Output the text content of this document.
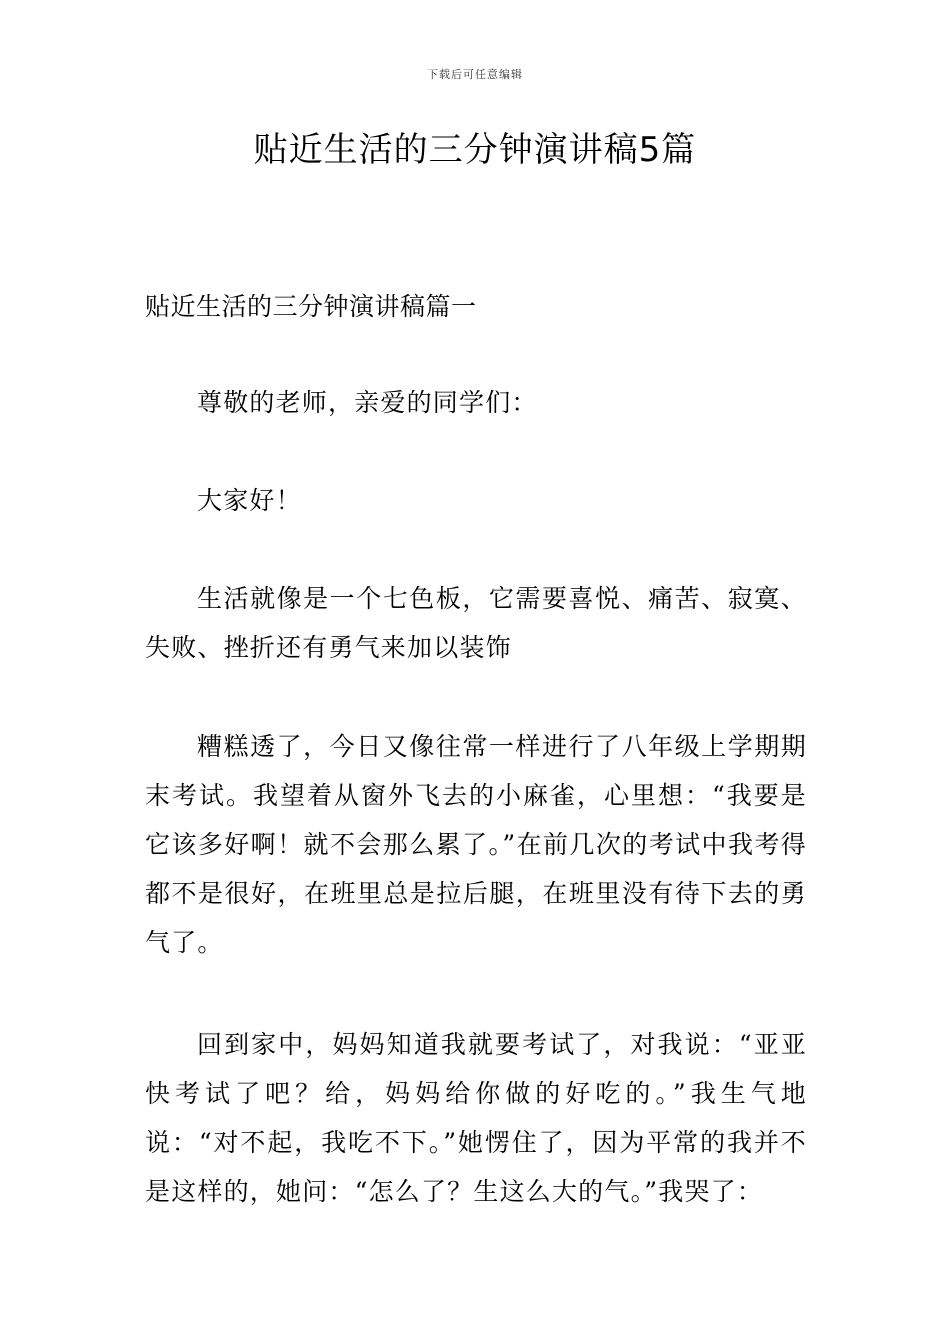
下载后可任意编辑
贴近生活的三分钟演讲稿5篇

贴近生活的三分钟演讲稿篇一

尊敬的老师，亲爱的同学们：

大家好！

生活就像是一个七色板，它需要喜悦、痛苦、寂寞、失败、挫折还有勇气来加以装饰

糟糕透了，今日又像往常一样进行了八年级上学期期末考试。我望着从窗外飞去的小麻雀，心里想：“我要是它该多好啊！就不会那么累了。”在前几次的考试中我考得都不是很好，在班里总是拉后腿，在班里没有待下去的勇气了。

回到家中，妈妈知道我就要考试了，对我说：“亚亚快考试了吧？给，妈妈给你做的好吃的。”我生气地说：“对不起，我吃不下。”她愣住了，因为平常的我并不是这样的，她问：“怎么了？生这么大的气。”我哭了：
